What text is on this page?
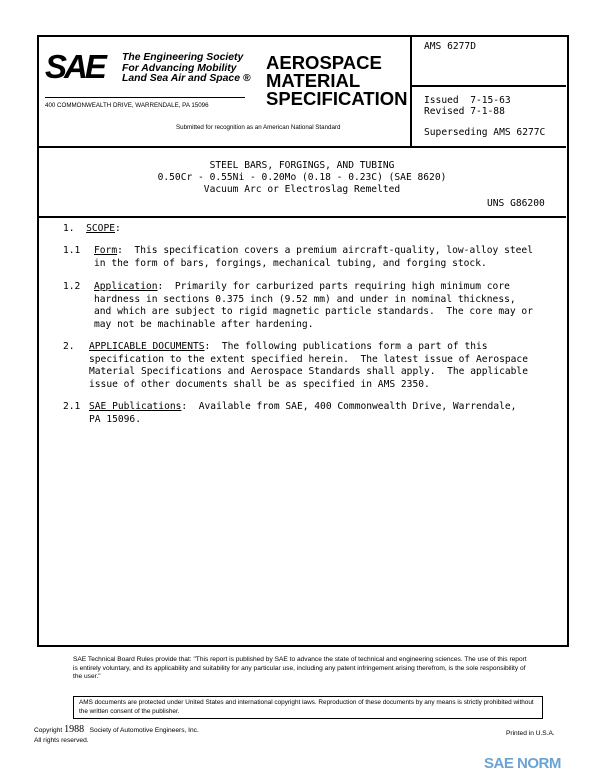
SAE The Engineering Society
For Advancing Mobility
Land Sea Air and Space ®
400 COMMONWEALTH DRIVE, WARRENDALE, PA 15096
AEROSPACE
MATERIAL
SPECIFICATION
Submitted for recognition as an American National Standard
AMS 6277D
Issued  7-15-63
Revised 7-1-88
Superseding AMS 6277C
STEEL BARS, FORGINGS, AND TUBING
0.50Cr - 0.55Ni - 0.20Mo (0.18 - 0.23C) (SAE 8620)
Vacuum Arc or Electroslag Remelted
UNS G86200
1. SCOPE:
1.1 Form:  This specification covers a premium aircraft-quality, low-alloy steel
in the form of bars, forgings, mechanical tubing, and forging stock.
1.2 Application:  Primarily for carburized parts requiring high minimum core
hardness in sections 0.375 inch (9.52 mm) and under in nominal thickness,
and which are subject to rigid magnetic particle standards.  The core may or
may not be machinable after hardening.
2. APPLICABLE DOCUMENTS:  The following publications form a part of this
specification to the extent specified herein.  The latest issue of Aerospace
Material Specifications and Aerospace Standards shall apply.  The applicable
issue of other documents shall be as specified in AMS 2350.
2.1 SAE Publications:  Available from SAE, 400 Commonwealth Drive, Warrendale,
PA 15096.
SAE Technical Board Rules provide that: "This report is published by SAE to advance the state of technical and engineering sciences. The use of this report is entirely voluntary, and its applicability and suitability for any particular use, including any patent infringement arising therefrom, is the sole responsibility of the user."
AMS documents are protected under United States and international copyright laws. Reproduction of these documents by any means is strictly prohibited without the written consent of the publisher.
Copyright 1988 Society of Automotive Engineers, Inc.
All rights reserved.
Printed in U.S.A.
SAE NORM
